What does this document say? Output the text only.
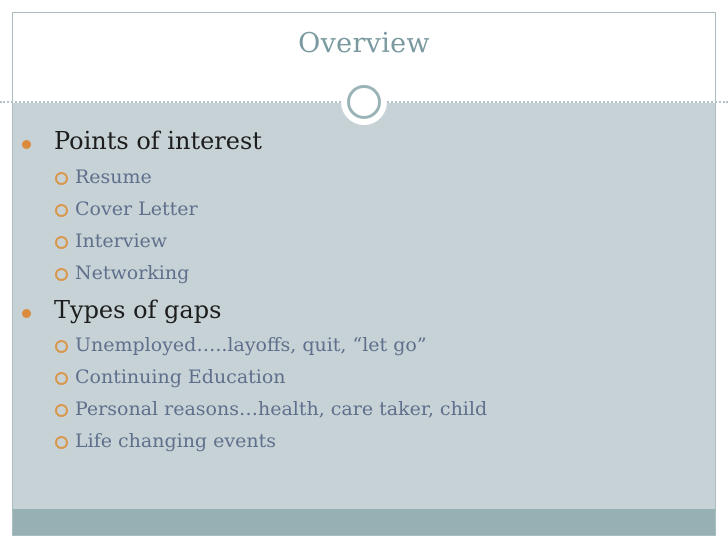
Overview
Points of interest
Resume
Cover Letter
Interview
Networking
Types of gaps
Unemployed…..layoffs, quit, “let go”
Continuing Education
Personal reasons…health, care taker, child
Life changing events
